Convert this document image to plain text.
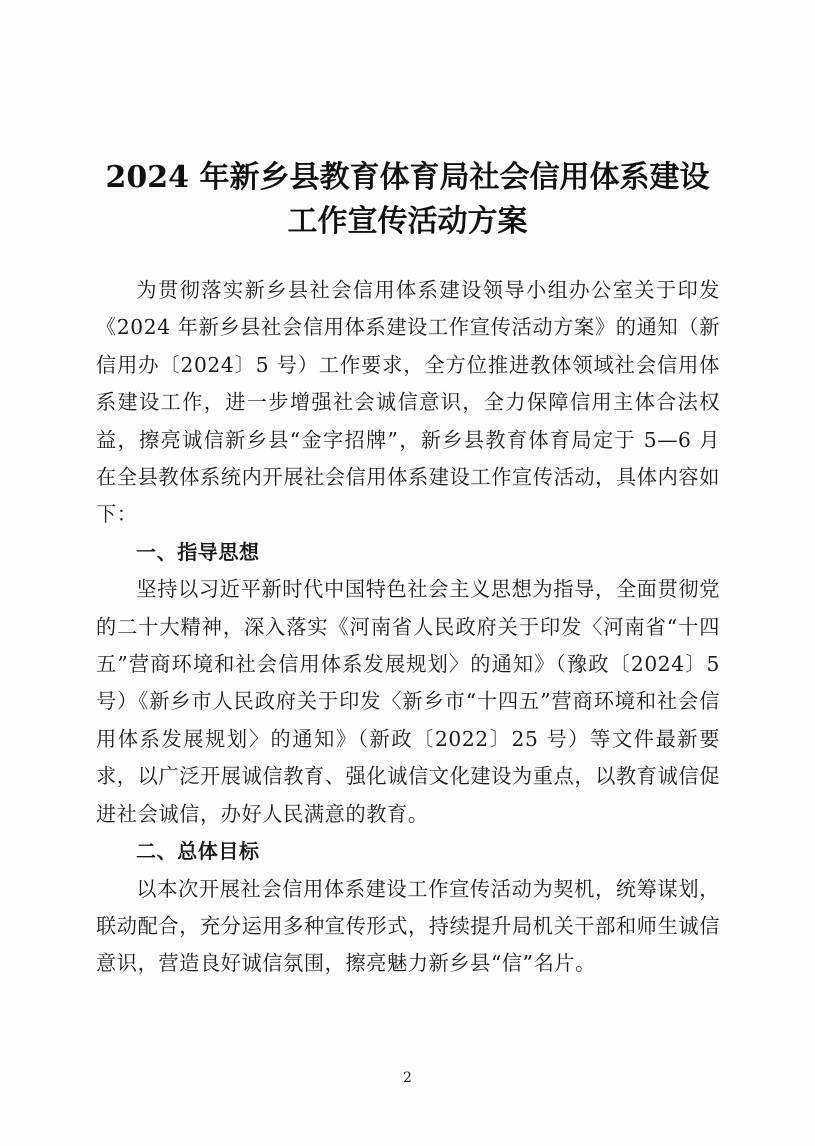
2024 年新乡县教育体育局社会信用体系建设
工作宣传活动方案

为贯彻落实新乡县社会信用体系建设领导小组办公室关于印发《2024 年新乡县社会信用体系建设工作宣传活动方案》的通知（新信用办〔2024〕5 号）工作要求，全方位推进教体领域社会信用体系建设工作，进一步增强社会诚信意识，全力保障信用主体合法权益，擦亮诚信新乡县“金字招牌”，新乡县教育体育局定于 5—6 月在全县教体系统内开展社会信用体系建设工作宣传活动，具体内容如下：

一、指导思想

坚持以习近平新时代中国特色社会主义思想为指导，全面贯彻党的二十大精神，深入落实《河南省人民政府关于印发〈河南省“十四五”营商环境和社会信用体系发展规划〉的通知》（豫政〔2024〕5 号）《新乡市人民政府关于印发〈新乡市“十四五”营商环境和社会信用体系发展规划〉的通知》（新政〔2022〕25 号）等文件最新要求，以广泛开展诚信教育、强化诚信文化建设为重点，以教育诚信促进社会诚信，办好人民满意的教育。

二、总体目标

以本次开展社会信用体系建设工作宣传活动为契机，统筹谋划，联动配合，充分运用多种宣传形式，持续提升局机关干部和师生诚信意识，营造良好诚信氛围，擦亮魅力新乡县“信”名片。

2
